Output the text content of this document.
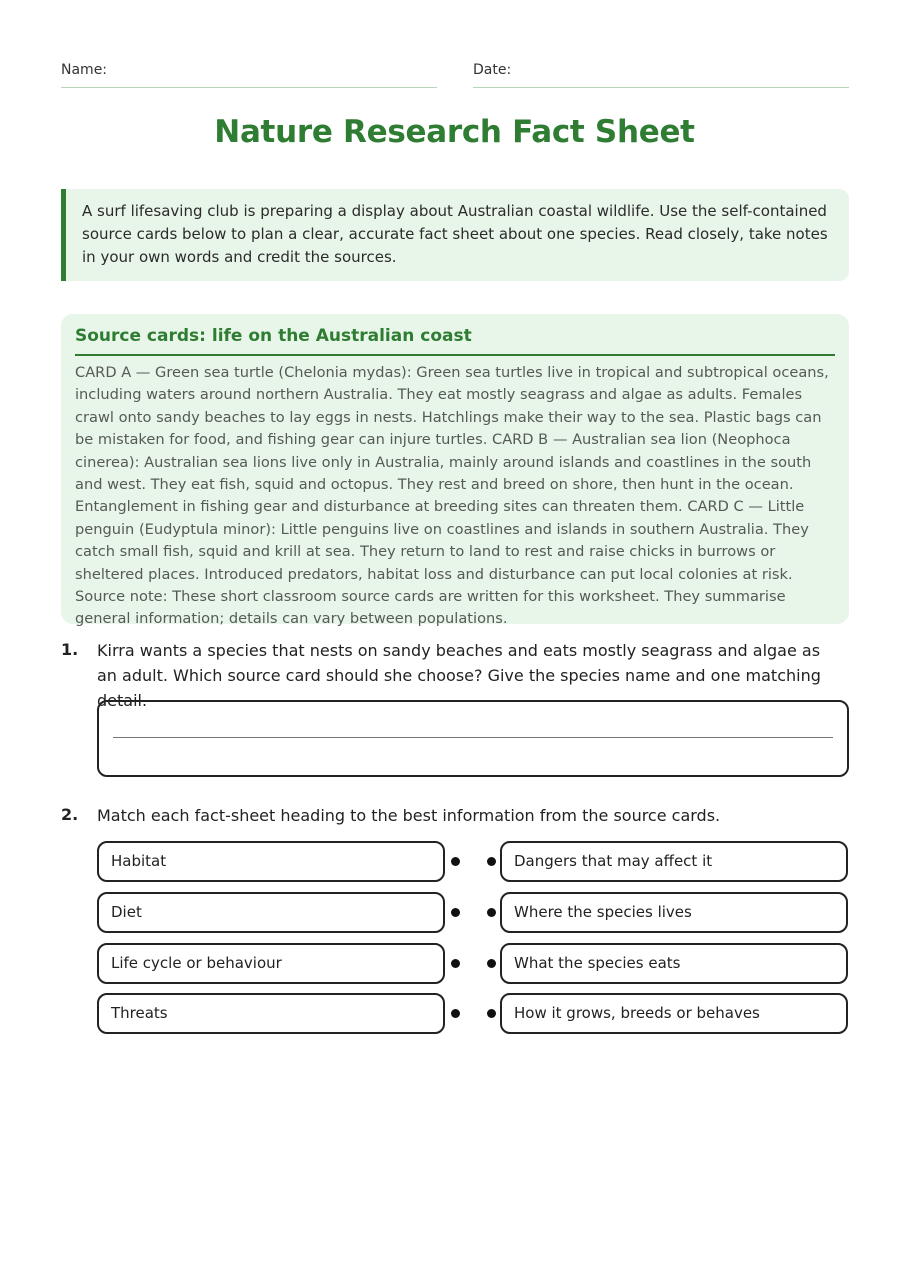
Name:	Date:
Nature Research Fact Sheet

A surf lifesaving club is preparing a display about Australian coastal wildlife. Use the self-contained source cards below to plan a clear, accurate fact sheet about one species. Read closely, take notes in your own words and credit the sources.

Source cards: life on the Australian coast

CARD A — Green sea turtle (Chelonia mydas): Green sea turtles live in tropical and subtropical oceans, including waters around northern Australia. They eat mostly seagrass and algae as adults. Females crawl onto sandy beaches to lay eggs in nests. Hatchlings make their way to the sea. Plastic bags can be mistaken for food, and fishing gear can injure turtles. CARD B — Australian sea lion (Neophoca cinerea): Australian sea lions live only in Australia, mainly around islands and coastlines in the south and west. They eat fish, squid and octopus. They rest and breed on shore, then hunt in the ocean. Entanglement in fishing gear and disturbance at breeding sites can threaten them. CARD C — Little penguin (Eudyptula minor): Little penguins live on coastlines and islands in southern Australia. They catch small fish, squid and krill at sea. They return to land to rest and raise chicks in burrows or sheltered places. Introduced predators, habitat loss and disturbance can put local colonies at risk. Source note: These short classroom source cards are written for this worksheet. They summarise general information; details can vary between populations.

1. Kirra wants a species that nests on sandy beaches and eats mostly seagrass and algae as an adult. Which source card should she choose? Give the species name and one matching detail.
2. Match each fact-sheet heading to the best information from the source cards.
Habitat
Diet
Life cycle or behaviour
Threats
Dangers that may affect it
Where the species lives
What the species eats
How it grows, breeds or behaves
